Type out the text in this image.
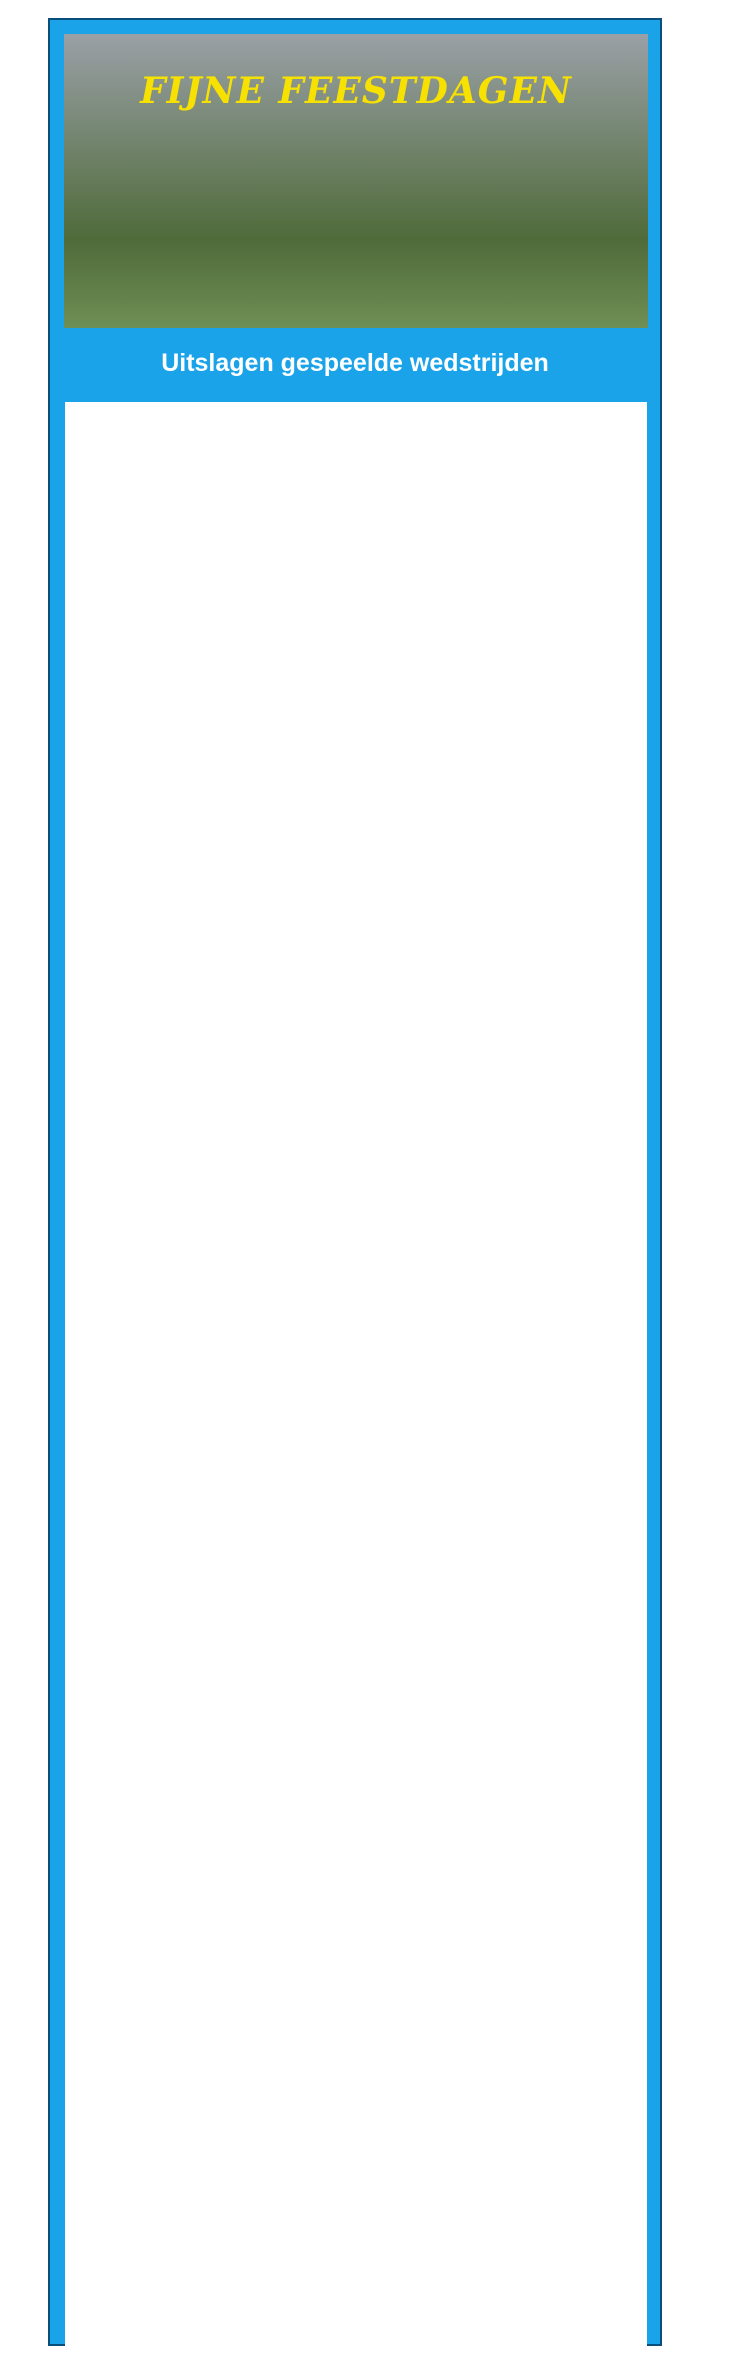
FIJNE FEESTDAGEN
Uitslagen gespeelde wedstrijden
